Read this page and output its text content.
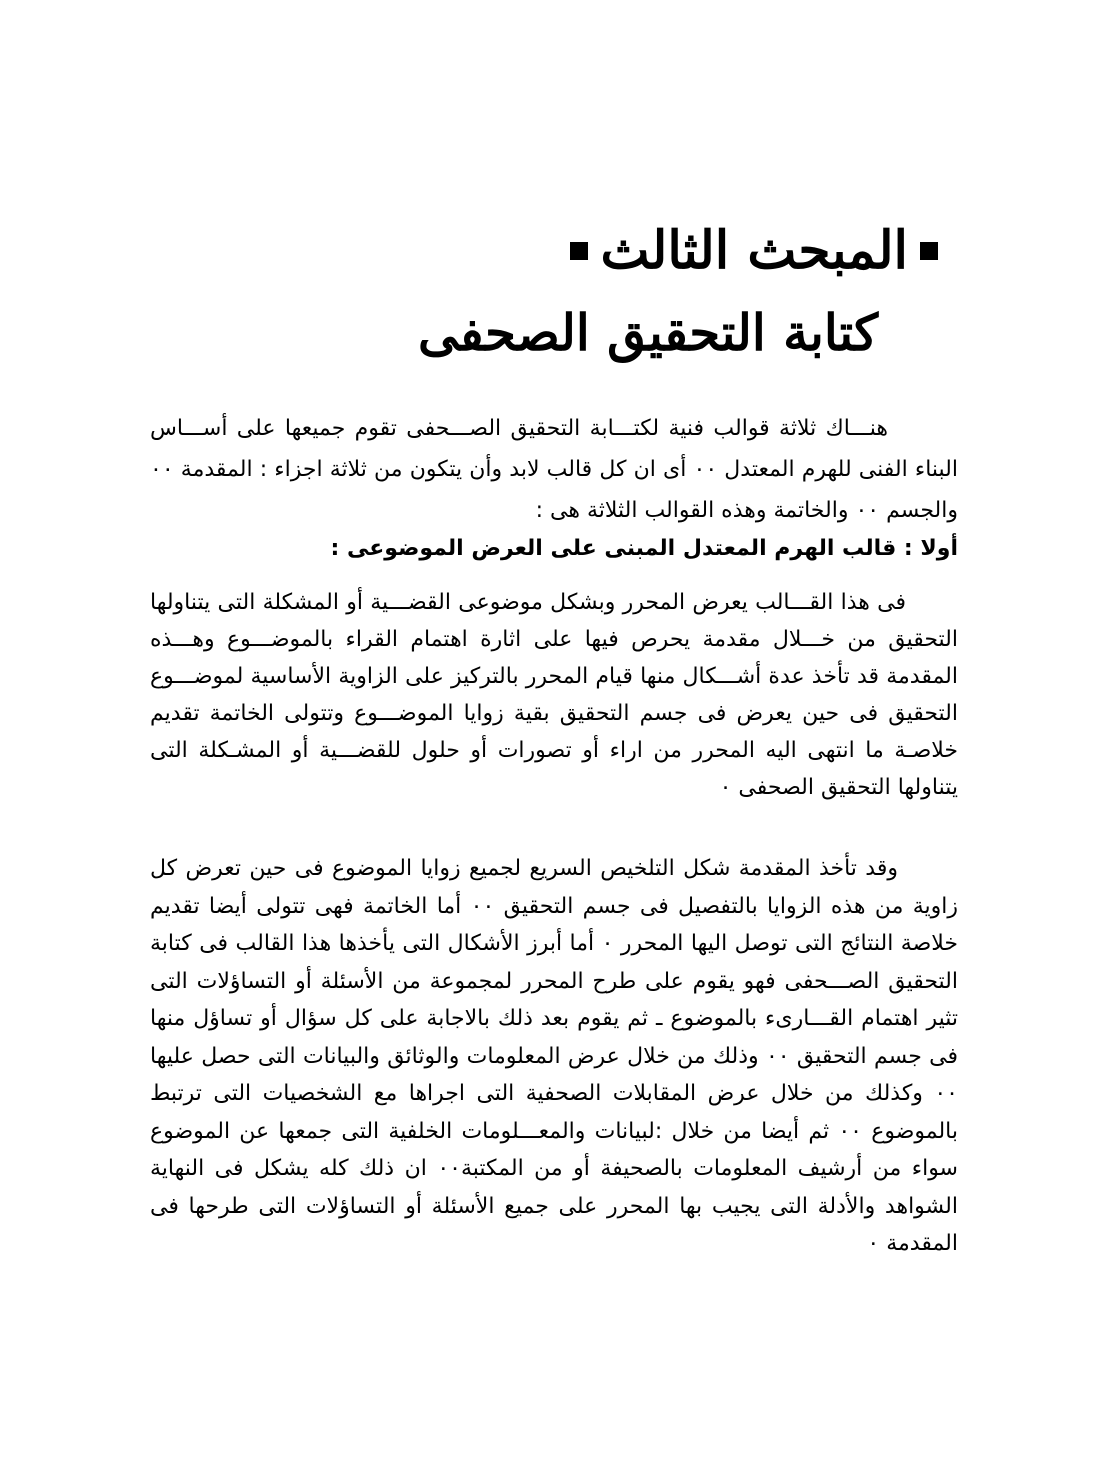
المبحث الثالث
كتابة التحقيق الصحفى

هنـــاك ثلاثة قوالب فنية لكتـــابة التحقيق الصـــحفى تقوم جميعها على أســـاس البناء الفنى للهرم المعتدل ٠٠ أى ان كل قالب لابد وأن يتكون من ثلاثة اجزاء : المقدمة ٠٠ والجسم ٠٠ والخاتمة وهذه القوالب الثلاثة هى :

أولا : قالب الهرم المعتدل المبنى على العرض الموضوعى :

فى هذا القـــالب يعرض المحرر وبشكل موضوعى القضـــية أو المشكلة التى يتناولها التحقيق من خـــلال مقدمة يحرص فيها على اثارة اهتمام القراء بالموضـــوع وهـــذه المقدمة قد تأخذ عدة أشـــكال منها قيام المحرر بالتركيز على الزاوية الأساسية لموضـــوع التحقيق فى حين يعرض فى جسم التحقيق بقية زوايا الموضـــوع وتتولى الخاتمة تقديم خلاصـة ما انتهى اليه المحرر من اراء أو تصورات أو حلول للقضـــية أو المشـكلة التى يتناولها التحقيق الصحفى ٠

وقد تأخذ المقدمة شكل التلخيص السريع لجميع زوايا الموضوع فى حين تعرض كل زاوية من هذه الزوايا بالتفصيل فى جسم التحقيق ٠٠ أما الخاتمة فهى تتولى أيضا تقديم خلاصة النتائج التى توصل اليها المحرر ٠ أما أبرز الأشكال التى يأخذها هذا القالب فى كتابة التحقيق الصـــحفى فهو يقوم على طرح المحرر لمجموعة من الأسئلة أو التساؤلات التى تثير اهتمام القـــارىء بالموضوع ـ ثم يقوم بعد ذلك بالاجابة على كل سؤال أو تساؤل منها فى جسم التحقيق ٠٠ وذلك من خلال عرض المعلومات والوثائق والبيانات التى حصل عليها ٠٠ وكذلك من خلال عرض المقابلات الصحفية التى اجراها مع الشخصيات التى ترتبط بالموضوع ٠٠ ثم أيضا من خلال :لبيانات والمعـــلومات الخلفية التى جمعها عن الموضوع سواء من أرشيف المعلومات بالصحيفة أو من المكتبة٠٠ ان ذلك كله يشكل فى النهاية الشواهد والأدلة التى يجيب بها المحرر على جميع الأسئلة أو التساؤلات التى طرحها فى المقدمة ٠
